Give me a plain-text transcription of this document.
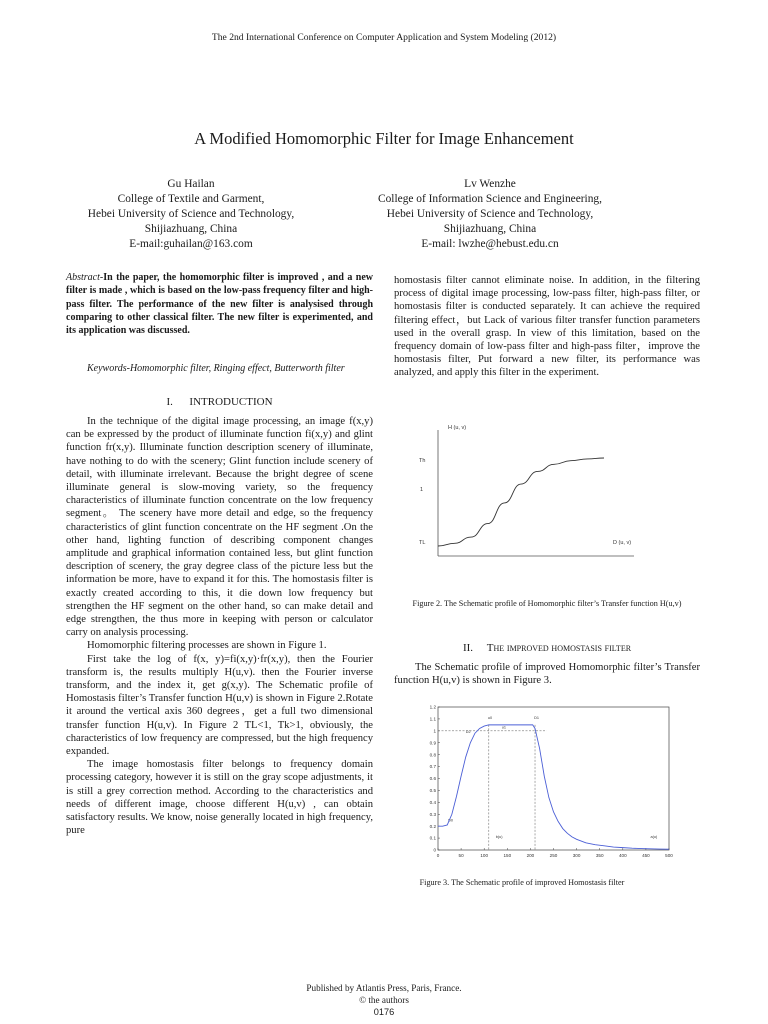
The 2nd International Conference on Computer Application and System Modeling (2012)
A Modified Homomorphic Filter for Image Enhancement
Gu Hailan
College of Textile and Garment,
Hebei University of Science and Technology,
Shijiazhuang, China
E-mail:guhailan@163.com
Lv Wenzhe
College of Information Science and Engineering,
Hebei University of Science and Technology,
Shijiazhuang, China
E-mail: lwzhe@hebust.edu.cn
Abstract-In the paper, the homomorphic filter is improved , and a new filter is made , which is based on the low-pass frequency filter and high-pass filter. The performance of the new filter is analysised through comparing to other classical filter. The new filter is experimented, and its application was discussed.
Keywords-Homomorphic filter, Ringing effect, Butterworth filter
I. INTRODUCTION

In the technique of the digital image processing, an image f(x,y) can be expressed by the product of illuminate function fi(x,y) and glint function fr(x,y). Illuminate function description scenery of illuminate, have nothing to do with the scenery; Glint function include scenery of detail, with illuminate irrelevant. Because the bright degree of scene illuminate general is slow-moving variety, so the frequency characteristics of illuminate function concentrate on the low frequency segment。 The scenery have more detail and edge, so the frequency characteristics of glint function concentrate on the HF segment .On the other hand, lighting function of describing component changes amplitude and graphical information contained less, but glint function description of scenery, the gray degree class of the picture less but the information be more, have to expand it for this. The homostasis filter is exactly created according to this, it die down low frequency but strengthen the HF segment on the other hand, so can make detail and edge strengthen, the thus more in keeping with person or calculator carry on analysis processing.

Homomorphic filtering processes are shown in Figure 1.

First take the log of f(x, y)=fi(x,y)·fr(x,y), then the Fourier transform is, the results multiply H(u,v). then the Fourier inverse transform, and the index it, get g(x,y). The Schematic profile of Homostasis filter’s Transfer function H(u,v) is shown in Figure 2.Rotate it around the vertical axis 360 degrees，get a full two dimensional transfer function H(u,v). In Figure 2 TL<1, Tk>1, obviously, the characteristics of low frequency are compressed, but the high frequency expanded.

The image homostasis filter belongs to frequency domain processing category, however it is still on the gray scope adjustments, it is still a grey correction method. According to the characteristics and needs of different image, choose different H(u,v) , can obtain satisfactory results. We know, noise generally located in high frequency, pure

homostasis filter cannot eliminate noise. In addition, in the filtering process of digital image processing, low-pass filter, high-pass filter, or homostasis filter is conducted separately. It can achieve the required filtering effect，but Lack of various filter transfer function parameters used in the overall grasp. In view of this limitation, based on the frequency domain of low-pass filter and high-pass filter，improve the homostasis filter, Put forward a new filter, its performance was analyzed, and apply this filter in the experiment.

H (u, v)
D (u, v)
Th
1
TL
Figure 2. The Schematic profile of Homomorphic filter’s Transfer function H(u,v)
II. The improved homostasis filter

The Schematic profile of improved Homomorphic filter’s Transfer function H(u,v) is shown in Figure 3.

0	50	100	150	200	250	300	350	400	450	500
0
0.1
0.2
0.3
0.4
0.5
0.6
0.7
0.8
0.9
1
1.1
1.2
D0
u0	D1
u1
D2
a(u)
b(u)
Figure 3. The Schematic profile of improved Homostasis filter
Published by Atlantis Press, Paris, France.
© the authors
0176
